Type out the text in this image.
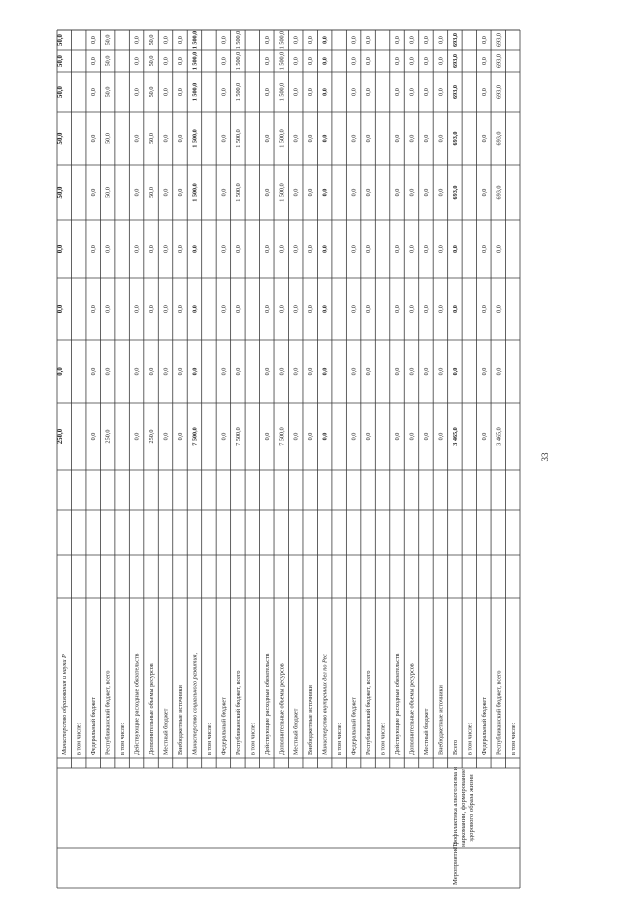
250,0
0,0
0,0
0,0
50,0
50,0
50,0
50,0
50,0
Министерство образования и науки Р в том числе: Федеральный бюджет
0,0
0,0
0,0
0,0
0,0
0,0
0,0
0,0
0,0
Республиканский бюджет, всего
250,0
0,0
0,0
0,0
50,0
50,0
50,0
50,0
50,0
в том числе: Действующие расходные обязательств
0,0
0,0
0,0
0,0
0,0
0,0
0,0
0,0
0,0
Дополнительные объемы ресурсов
250,0
0,0
0,0
0,0
50,0
50,0
50,0
50,0
50,0
Местный бюджет
0,0
0,0
0,0
0,0
0,0
0,0
0,0
0,0
0,0
Внебюджетные источники
0,0
0,0
0,0
0,0
0,0
0,0
0,0
0,0
0,0
Министерство социального развития,
7 500,0
0,0
0,0
0,0
1 500,0
1 500,0
1 500,0
1 500,0
1 500,0
в том числе: Федеральный бюджет
0,0
0,0
0,0
0,0
0,0
0,0
0,0
0,0
0,0
Республиканский бюджет, всего
7 500,0
0,0
0,0
0,0
1 500,0
1 500,0
1 500,0
1 500,0
1 500,0
в том числе: Действующие расходные обязательств
0,0
0,0
0,0
0,0
0,0
0,0
0,0
0,0
0,0
Дополнительные объемы ресурсов
7 500,0
0,0
0,0
0,0
1 500,0
1 500,0
1 500,0
1 500,0
1 500,0
Местный бюджет
0,0
0,0
0,0
0,0
0,0
0,0
0,0
0,0
0,0
Внебюджетные источники
0,0
0,0
0,0
0,0
0,0
0,0
0,0
0,0
0,0
Министерство внутренних дел по Рес
0,0
0,0
0,0
0,0
0,0
0,0
0,0
0,0
0,0
в том числе: Федеральный бюджет
0,0
0,0
0,0
0,0
0,0
0,0
0,0
0,0
0,0
Республиканский бюджет, всего
0,0
0,0
0,0
0,0
0,0
0,0
0,0
0,0
0,0
в том числе: Действующие расходные обязательств
0,0
0,0
0,0
0,0
0,0
0,0
0,0
0,0
0,0
Дополнительные объемы ресурсов
0,0
0,0
0,0
0,0
0,0
0,0
0,0
0,0
0,0
Местный бюджет
0,0
0,0
0,0
0,0
0,0
0,0
0,0
0,0
0,0
Внебюджетные источники
0,0
0,0
0,0
0,0
0,0
0,0
0,0
0,0
0,0
Всего
3 465,0
0,0
0,0
0,0
693,0
693,0
693,0
693,0
693,0
в том числе: Федеральный бюджет
0,0
0,0
0,0
0,0
0,0
0,0
0,0
0,0
0,0
Республиканский бюджет, всего
3 465,0
0,0
0,0
0,0
693,0
693,0
693,0
693,0
693,0
в том числе:
Мероприятие 3
Профилактика алкоголизма и наркомании, формирование здорового образа жизни
33
